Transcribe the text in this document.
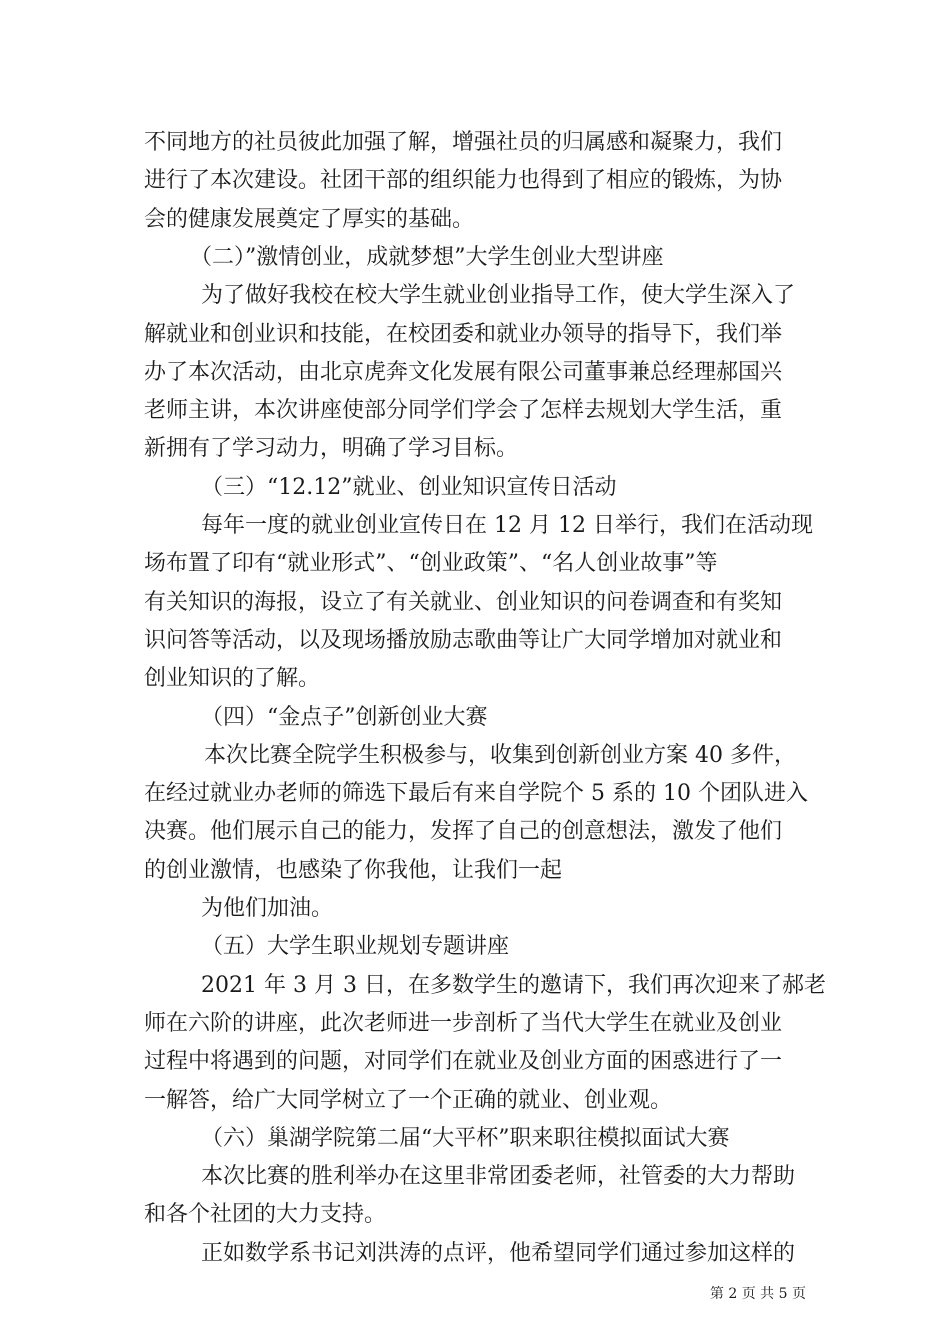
不同地方的社员彼此加强了解，增强社员的归属感和凝聚力，我们
进行了本次建设。社团干部的组织能力也得到了相应的锻炼，为协
会的健康发展奠定了厚实的基础。
（二）”激情创业，成就梦想”大学生创业大型讲座
为了做好我校在校大学生就业创业指导工作，使大学生深入了
解就业和创业识和技能，在校团委和就业办领导的指导下，我们举
办了本次活动，由北京虎奔文化发展有限公司董事兼总经理郝国兴
老师主讲，本次讲座使部分同学们学会了怎样去规划大学生活，重
新拥有了学习动力，明确了学习目标。
（三）“12.12”就业、创业知识宣传日活动
每年一度的就业创业宣传日在 12 月 12 日举行，我们在活动现
场布置了印有“就业形式”、“创业政策”、“名人创业故事”等
有关知识的海报，设立了有关就业、创业知识的问卷调查和有奖知
识问答等活动，以及现场播放励志歌曲等让广大同学增加对就业和
创业知识的了解。
（四）“金点子”创新创业大赛
本次比赛全院学生积极参与，收集到创新创业方案 40 多件，
在经过就业办老师的筛选下最后有来自学院个 5 系的 10 个团队进入
决赛。他们展示自己的能力，发挥了自己的创意想法，激发了他们
的创业激情，也感染了你我他，让我们一起
为他们加油。
（五）大学生职业规划专题讲座
2021 年 3 月 3 日，在多数学生的邀请下，我们再次迎来了郝老
师在六阶的讲座，此次老师进一步剖析了当代大学生在就业及创业
过程中将遇到的问题，对同学们在就业及创业方面的困惑进行了一
一解答，给广大同学树立了一个正确的就业、创业观。
（六）巢湖学院第二届“大平杯”职来职往模拟面试大赛
本次比赛的胜利举办在这里非常团委老师，社管委的大力帮助
和各个社团的大力支持。
正如数学系书记刘洪涛的点评，他希望同学们通过参加这样的
第 2 页 共 5 页
